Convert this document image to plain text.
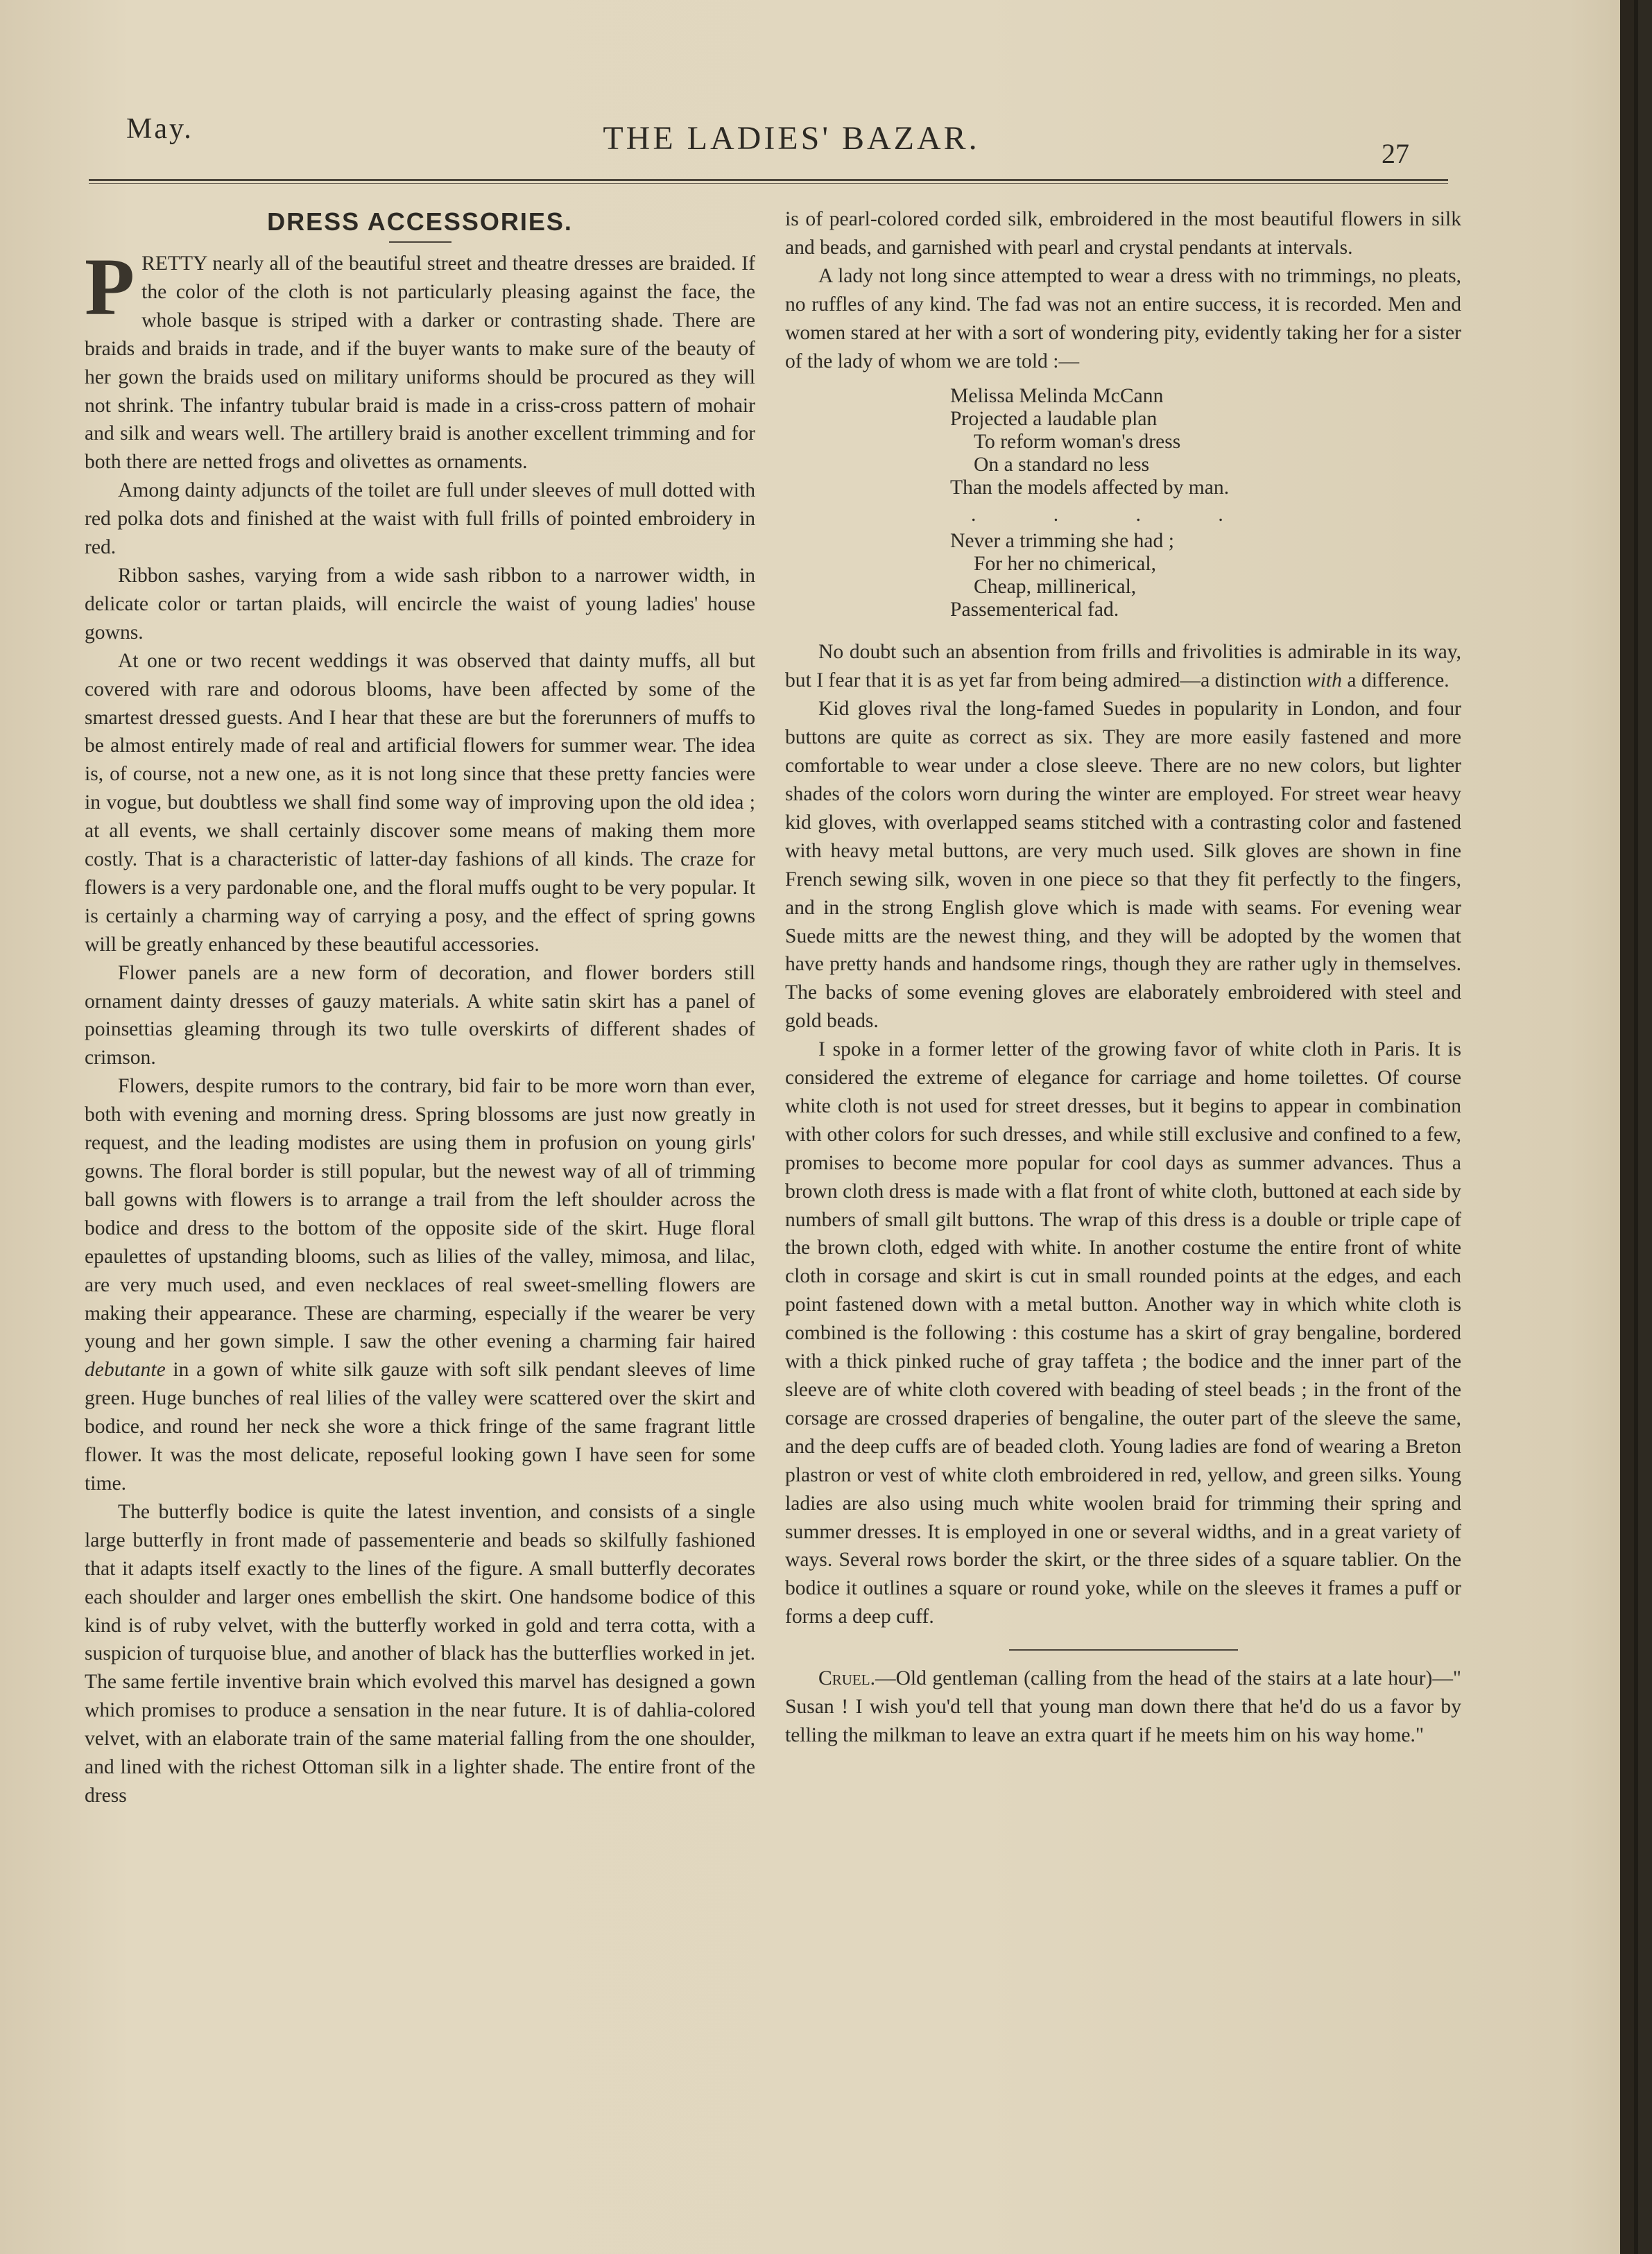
May.	THE LADIES' BAZAR.	27
DRESS ACCESSORIES.

PRETTY nearly all of the beautiful street and theatre dresses are braided. If the color of the cloth is not particularly pleasing against the face, the whole basque is striped with a darker or contrasting shade. There are braids and braids in trade, and if the buyer wants to make sure of the beauty of her gown the braids used on military uniforms should be procured as they will not shrink. The infantry tubular braid is made in a criss-cross pattern of mohair and silk and wears well. The artillery braid is another excellent trimming and for both there are netted frogs and olivettes as ornaments.

Among dainty adjuncts of the toilet are full under sleeves of mull dotted with red polka dots and finished at the waist with full frills of pointed embroidery in red.

Ribbon sashes, varying from a wide sash ribbon to a narrower width, in delicate color or tartan plaids, will encircle the waist of young ladies' house gowns.

At one or two recent weddings it was observed that dainty muffs, all but covered with rare and odorous blooms, have been affected by some of the smartest dressed guests. And I hear that these are but the forerunners of muffs to be almost entirely made of real and artificial flowers for summer wear. The idea is, of course, not a new one, as it is not long since that these pretty fancies were in vogue, but doubtless we shall find some way of improving upon the old idea ; at all events, we shall certainly discover some means of making them more costly. That is a characteristic of latter-day fashions of all kinds. The craze for flowers is a very pardonable one, and the floral muffs ought to be very popular. It is certainly a charming way of carrying a posy, and the effect of spring gowns will be greatly enhanced by these beautiful accessories.

Flower panels are a new form of decoration, and flower borders still ornament dainty dresses of gauzy materials. A white satin skirt has a panel of poinsettias gleaming through its two tulle overskirts of different shades of crimson.

Flowers, despite rumors to the contrary, bid fair to be more worn than ever, both with evening and morning dress. Spring blossoms are just now greatly in request, and the leading modistes are using them in profusion on young girls' gowns. The floral border is still popular, but the newest way of all of trimming ball gowns with flowers is to arrange a trail from the left shoulder across the bodice and dress to the bottom of the opposite side of the skirt. Huge floral epaulettes of upstanding blooms, such as lilies of the valley, mimosa, and lilac, are very much used, and even necklaces of real sweet-smelling flowers are making their appearance. These are charming, especially if the wearer be very young and her gown simple. I saw the other evening a charming fair haired debutante in a gown of white silk gauze with soft silk pendant sleeves of lime green. Huge bunches of real lilies of the valley were scattered over the skirt and bodice, and round her neck she wore a thick fringe of the same fragrant little flower. It was the most delicate, reposeful looking gown I have seen for some time.

The butterfly bodice is quite the latest invention, and consists of a single large butterfly in front made of passementerie and beads so skilfully fashioned that it adapts itself exactly to the lines of the figure. A small butterfly decorates each shoulder and larger ones embellish the skirt. One handsome bodice of this kind is of ruby velvet, with the butterfly worked in gold and terra cotta, with a suspicion of turquoise blue, and another of black has the butterflies worked in jet. The same fertile inventive brain which evolved this marvel has designed a gown which promises to produce a sensation in the near future. It is of dahlia-colored velvet, with an elaborate train of the same material falling from the one shoulder, and lined with the richest Ottoman silk in a lighter shade. The entire front of the dress

is of pearl-colored corded silk, embroidered in the most beautiful flowers in silk and beads, and garnished with pearl and crystal pendants at intervals.

A lady not long since attempted to wear a dress with no trimmings, no pleats, no ruffles of any kind. The fad was not an entire success, it is recorded. Men and women stared at her with a sort of wondering pity, evidently taking her for a sister of the lady of whom we are told :—

Melissa Melinda McCann
Projected a laudable plan
To reform woman's dress
On a standard no less
Than the models affected by man.
. . . .
Never a trimming she had ;
For her no chimerical,
Cheap, millinerical,
Passementerical fad.

No doubt such an absention from frills and frivolities is admirable in its way, but I fear that it is as yet far from being admired—a distinction with a difference.

Kid gloves rival the long-famed Suedes in popularity in London, and four buttons are quite as correct as six. They are more easily fastened and more comfortable to wear under a close sleeve. There are no new colors, but lighter shades of the colors worn during the winter are employed. For street wear heavy kid gloves, with overlapped seams stitched with a contrasting color and fastened with heavy metal buttons, are very much used. Silk gloves are shown in fine French sewing silk, woven in one piece so that they fit perfectly to the fingers, and in the strong English glove which is made with seams. For evening wear Suede mitts are the newest thing, and they will be adopted by the women that have pretty hands and handsome rings, though they are rather ugly in themselves. The backs of some evening gloves are elaborately embroidered with steel and gold beads.

I spoke in a former letter of the growing favor of white cloth in Paris. It is considered the extreme of elegance for carriage and home toilettes. Of course white cloth is not used for street dresses, but it begins to appear in combination with other colors for such dresses, and while still exclusive and confined to a few, promises to become more popular for cool days as summer advances. Thus a brown cloth dress is made with a flat front of white cloth, buttoned at each side by numbers of small gilt buttons. The wrap of this dress is a double or triple cape of the brown cloth, edged with white. In another costume the entire front of white cloth in corsage and skirt is cut in small rounded points at the edges, and each point fastened down with a metal button. Another way in which white cloth is combined is the following : this costume has a skirt of gray bengaline, bordered with a thick pinked ruche of gray taffeta ; the bodice and the inner part of the sleeve are of white cloth covered with beading of steel beads ; in the front of the corsage are crossed draperies of bengaline, the outer part of the sleeve the same, and the deep cuffs are of beaded cloth. Young ladies are fond of wearing a Breton plastron or vest of white cloth embroidered in red, yellow, and green silks. Young ladies are also using much white woolen braid for trimming their spring and summer dresses. It is employed in one or several widths, and in a great variety of ways. Several rows border the skirt, or the three sides of a square tablier. On the bodice it outlines a square or round yoke, while on the sleeves it frames a puff or forms a deep cuff.

Cruel.—Old gentleman (calling from the head of the stairs at a late hour)—" Susan ! I wish you'd tell that young man down there that he'd do us a favor by telling the milkman to leave an extra quart if he meets him on his way home."
